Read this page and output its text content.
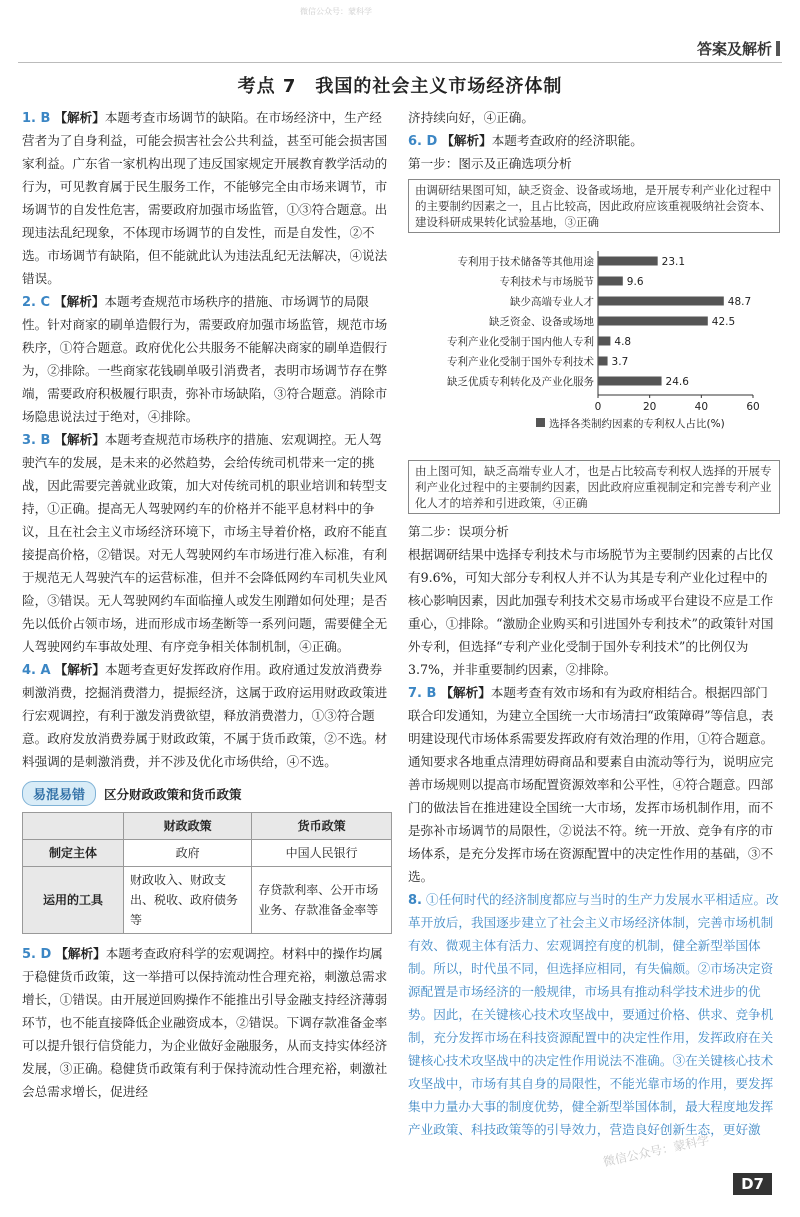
微信公众号：蒙科学
答案及解析
考点 7　我国的社会主义市场经济体制

1. B 【解析】本题考查市场调节的缺陷。在市场经济中，生产经营者为了自身利益，可能会损害社会公共利益，甚至可能会损害国家利益。广东省一家机构出现了违反国家规定开展教育教学活动的行为，可见教育属于民生服务工作，不能够完全由市场来调节，市场调节的自发性危害，需要政府加强市场监管，①③符合题意。出现违法乱纪现象，不体现市场调节的自发性，而是自发性，②不选。市场调节有缺陷，但不能就此认为违法乱纪无法解决，④说法错误。

2. C 【解析】本题考查规范市场秩序的措施、市场调节的局限性。针对商家的刷单造假行为，需要政府加强市场监管，规范市场秩序，①符合题意。政府优化公共服务不能解决商家的刷单造假行为，②排除。一些商家花钱刷单吸引消费者，表明市场调节存在弊端，需要政府积极履行职责，弥补市场缺陷，③符合题意。消除市场隐患说法过于绝对，④排除。

3. B 【解析】本题考查规范市场秩序的措施、宏观调控。无人驾驶汽车的发展，是未来的必然趋势，会给传统司机带来一定的挑战，因此需要完善就业政策，加大对传统司机的职业培训和转型支持，①正确。提高无人驾驶网约车的价格并不能平息材料中的争议，且在社会主义市场经济环境下，市场主导着价格，政府不能直接提高价格，②错误。对无人驾驶网约车市场进行准入标准，有利于规范无人驾驶汽车的运营标准，但并不会降低网约车司机失业风险，③错误。无人驾驶网约车面临撞人或发生刚蹭如何处理；是否先以低价占领市场，进而形成市场垄断等一系列问题，需要健全无人驾驶网约车事故处理、有序竞争相关体制机制，④正确。

4. A 【解析】本题考查更好发挥政府作用。政府通过发放消费券刺激消费，挖掘消费潜力，提振经济，这属于政府运用财政政策进行宏观调控，有利于激发消费欲望，释放消费潜力，①③符合题意。政府发放消费券属于财政政策，不属于货币政策，②不选。材料强调的是刺激消费，并不涉及优化市场供给，④不选。

易混易错	区分财政政策和货币政策
	财政政策	货币政策
制定主体	政府	中国人民银行
运用的工具	财政收入、财政支出、税收、政府债务等	存贷款利率、公开市场业务、存款准备金率等

5. D 【解析】本题考查政府科学的宏观调控。材料中的操作均属于稳健货币政策，这一举措可以保持流动性合理充裕，刺激总需求增长，①错误。由开展逆回购操作不能推出引导金融支持经济薄弱环节，也不能直接降低企业融资成本，②错误。下调存款准备金率可以提升银行信贷能力，为企业做好金融服务，从而支持实体经济发展，③正确。稳健货币政策有利于保持流动性合理充裕，刺激社会总需求增长，促进经

济持续向好，④正确。

6. D 【解析】本题考查政府的经济职能。

第一步：图示及正确选项分析

由调研结果图可知，缺乏资金、设备或场地，是开展专利产业化过程中的主要制约因素之一，且占比较高，因此政府应该重视吸纳社会资本、建设科研成果转化试验基地，③正确
专利用于技术储备等其他用途	23.1
专利技术与市场脱节	9.6
缺少高端专业人才	48.7
缺乏资金、设备或场地	42.5
专利产业化受制于国内他人专利 4.8
专利产业化受制于国外专利技术 3.7
缺乏优质专利转化及产业化服务	24.6
0	20	40	60
选择各类制约因素的专利权人占比(%)
由上图可知，缺乏高端专业人才，也是占比较高专利权人选择的开展专利产业化过程中的主要制约因素，因此政府应重视制定和完善专利产业化人才的培养和引进政策，④正确

第二步：误项分析

根据调研结果中选择专利技术与市场脱节为主要制约因素的占比仅有9.6%，可知大部分专利权人并不认为其是专利产业化过程中的核心影响因素，因此加强专利技术交易市场或平台建设不应是工作重心，①排除。“激励企业购买和引进国外专利技术”的政策针对国外专利，但选择“专利产业化受制于国外专利技术”的比例仅为3.7%，并非重要制约因素，②排除。

7. B 【解析】本题考查有效市场和有为政府相结合。根据四部门联合印发通知，为建立全国统一大市场清扫“政策障碍”等信息，表明建设现代市场体系需要发挥政府有效治理的作用，①符合题意。通知要求各地重点清理妨碍商品和要素自由流动等行为，说明应完善市场规则以提高市场配置资源效率和公平性，④符合题意。四部门的做法旨在推进建设全国统一大市场，发挥市场机制作用，而不是弥补市场调节的局限性，②说法不符。统一开放、竞争有序的市场体系，是充分发挥市场在资源配置中的决定性作用的基础，③不选。

8. ①任何时代的经济制度都应与当时的生产力发展水平相适应。改革开放后，我国逐步建立了社会主义市场经济体制，完善市场机制有效、微观主体有活力、宏观调控有度的机制，健全新型举国体制。所以，时代虽不同，但选择应相同，有失偏颇。②市场决定资源配置是市场经济的一般规律，市场具有推动科学技术进步的优势。因此，在关键核心技术攻坚战中，要通过价格、供求、竞争机制，充分发挥市场在科技资源配置中的决定性作用，发挥政府在关键核心技术攻坚战中的决定性作用说法不准确。③在关键核心技术攻坚战中，市场有其自身的局限性，不能光靠市场的作用，要发挥集中力量办大事的制度优势，健全新型举国体制，最大程度地发挥产业政策、科技政策等的引导效力，营造良好创新生态，更好激

微信公众号：蒙科学
D7
